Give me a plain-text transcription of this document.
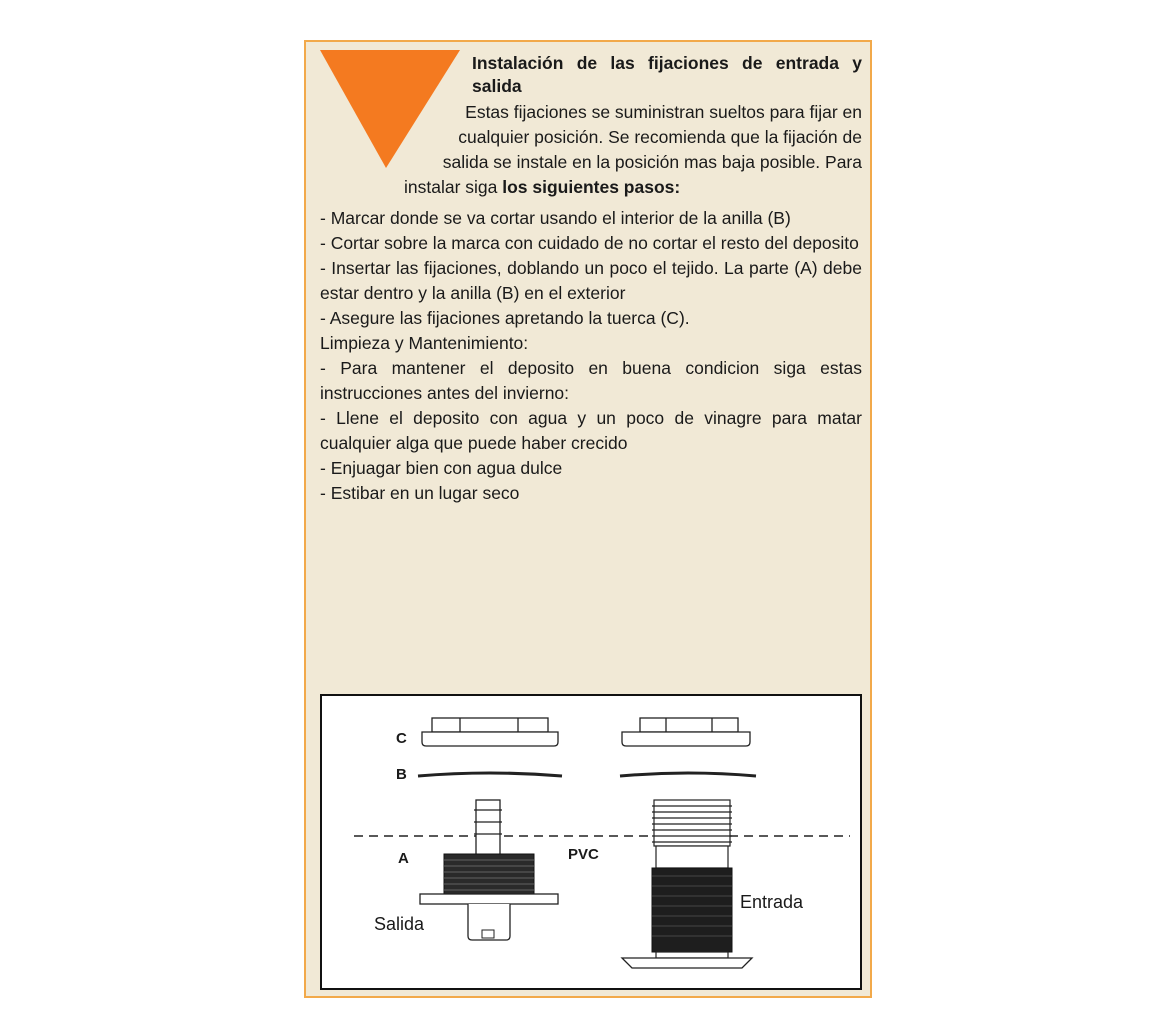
Instalación de las fijaciones de entrada y salida

Estas fijaciones se suministran sueltos para fijar en
cualquier posición. Se recomienda que la fijación de
salida se instale en la posición mas baja posible. Para
instalar siga los siguientes pasos:

- Marcar donde se va cortar usando el interior de la anilla (B)

- Cortar sobre la marca con cuidado de no cortar el resto del deposito

- Insertar las fijaciones, doblando un poco el tejido. La parte (A) debe estar dentro y la anilla (B) en el exterior

- Asegure las fijaciones apretando la tuerca (C).

Limpieza y Mantenimiento:

- Para mantener el deposito en buena condicion siga estas instrucciones antes del invierno:

- Llene el deposito con agua y un poco de vinagre para matar cualquier alga que puede haber crecido

- Enjuagar bien con agua dulce

- Estibar en un lugar seco

C
B
A	PVC
Salida
Entrada
